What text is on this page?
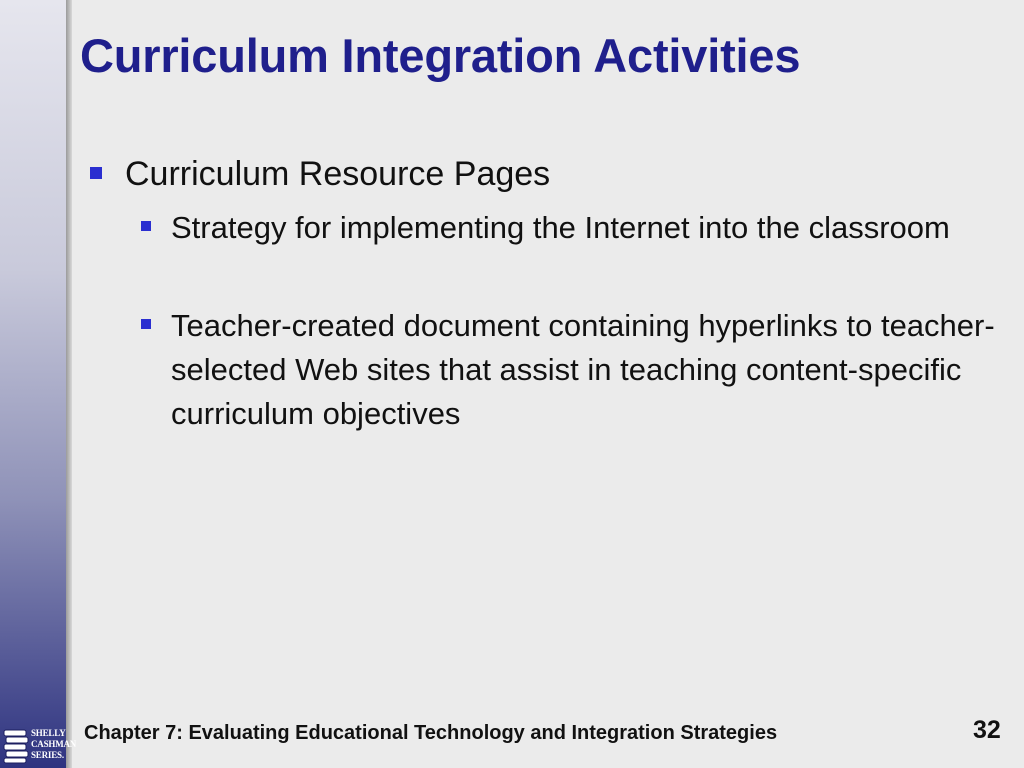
Curriculum Integration Activities
Curriculum Resource Pages
Strategy for implementing the Internet into the classroom
Teacher-created document containing hyperlinks to teacher-selected Web sites that assist in teaching content-specific curriculum objectives
SHELLY
CASHMAN
SERIES.
Chapter 7: Evaluating Educational Technology and Integration Strategies	32
